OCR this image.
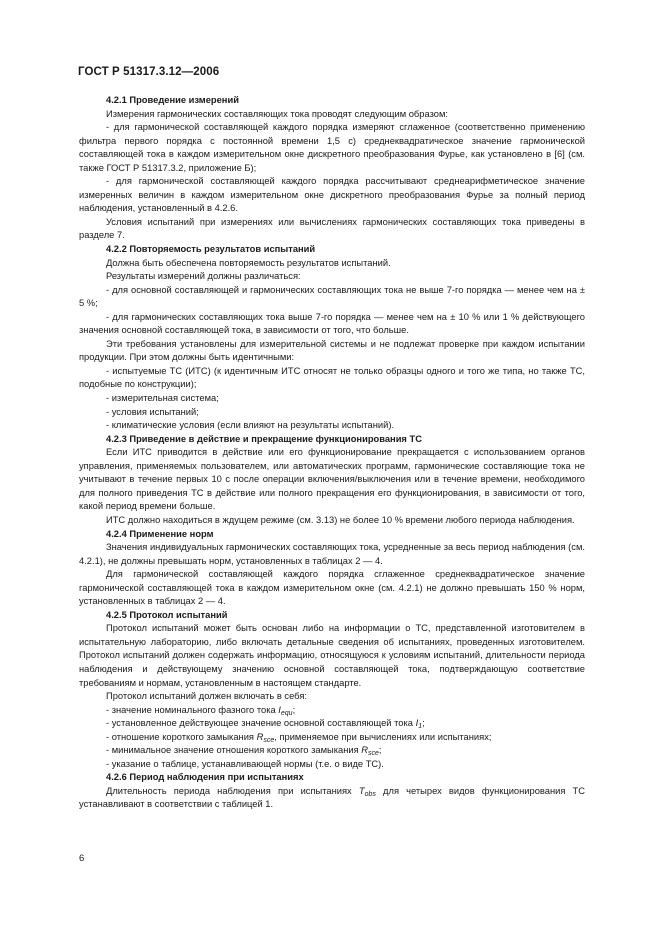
ГОСТ Р 51317.3.12—2006

4.2.1 Проведение измерений

Измерения гармонических составляющих тока проводят следующим образом:

- для гармонической составляющей каждого порядка измеряют сглаженное (соответственно применению фильтра первого порядка с постоянной времени 1,5 с) среднеквадратическое значение гармонической составляющей тока в каждом измерительном окне дискретного преобразования Фурье, как установлено в [6] (см. также ГОСТ Р 51317.3.2, приложение Б);

- для гармонической составляющей каждого порядка рассчитывают среднеарифметическое значение измеренных величин в каждом измерительном окне дискретного преобразования Фурье за полный период наблюдения, установленный в 4.2.6.

Условия испытаний при измерениях или вычислениях гармонических составляющих тока приведены в разделе 7.

4.2.2 Повторяемость результатов испытаний

Должна быть обеспечена повторяемость результатов испытаний.

Результаты измерений должны различаться:

- для основной составляющей и гармонических составляющих тока не выше 7-го порядка — менее чем на ± 5 %;

- для гармонических составляющих тока выше 7-го порядка — менее чем на ± 10 % или 1 % действующего значения основной составляющей тока, в зависимости от того, что больше.

Эти требования установлены для измерительной системы и не подлежат проверке при каждом испытании продукции. При этом должны быть идентичными:

- испытуемые ТС (ИТС) (к идентичным ИТС относят не только образцы одного и того же типа, но также ТС, подобные по конструкции);

- измерительная система;

- условия испытаний;

- климатические условия (если влияют на результаты испытаний).

4.2.3 Приведение в действие и прекращение функционирования ТС

Если ИТС приводится в действие или его функционирование прекращается с использованием органов управления, применяемых пользователем, или автоматических программ, гармонические составляющие тока не учитывают в течение первых 10 с после операции включения/выключения или в течение времени, необходимого для полного приведения ТС в действие или полного прекращения его функционирования, в зависимости от того, какой период времени больше.

ИТС должно находиться в ждущем режиме (см. 3.13) не более 10 % времени любого периода наблюдения.

4.2.4 Применение норм

Значения индивидуальных гармонических составляющих тока, усредненные за весь период наблюдения (см. 4.2.1), не должны превышать норм, установленных в таблицах 2 — 4.

Для гармонической составляющей каждого порядка сглаженное среднеквадратическое значение гармонической составляющей тока в каждом измерительном окне (см. 4.2.1) не должно превышать 150 % норм, установленных в таблицах 2 — 4.

4.2.5 Протокол испытаний

Протокол испытаний может быть основан либо на информации о ТС, представленной изготовителем в испытательную лабораторию, либо включать детальные сведения об испытаниях, проведенных изготовителем. Протокол испытаний должен содержать информацию, относящуюся к условиям испытаний, длительности периода наблюдения и действующему значению основной составляющей тока, подтверждающую соответствие требованиям и нормам, установленным в настоящем стандарте.

Протокол испытаний должен включать в себя:

- значение номинального фазного тока $I_{equ}$;

- установленное действующее значение основной составляющей тока $I_1$;

- отношение короткого замыкания $R_{sce}$, применяемое при вычислениях или испытаниях;

- минимальное значение отношения короткого замыкания $R_{sce}$;

- указание о таблице, устанавливающей нормы (т.е. о виде ТС).

4.2.6 Период наблюдения при испытаниях

Длительность периода наблюдения при испытаниях $T_{obs}$ для четырех видов функционирования ТС устанавливают в соответствии с таблицей 1.

6
